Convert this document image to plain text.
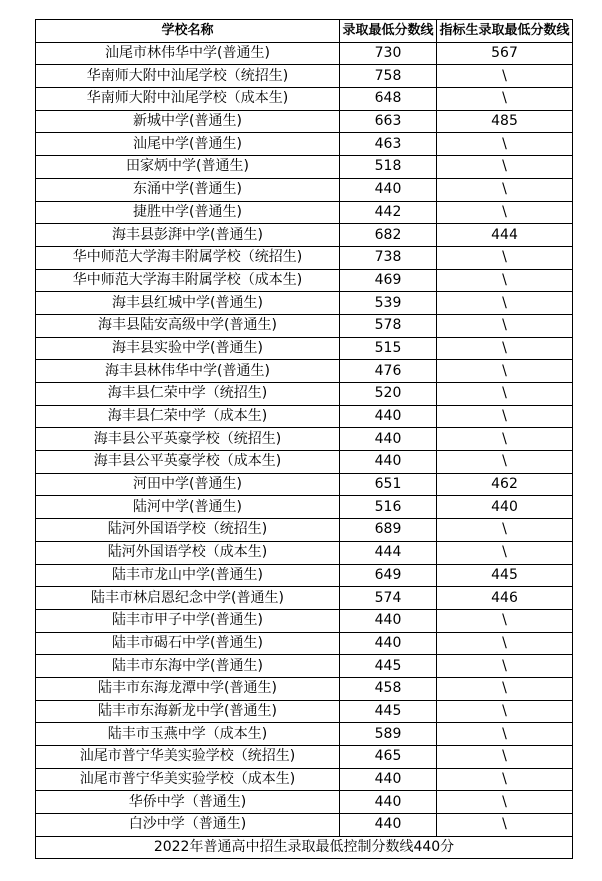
学校名称	录取最低分数线	指标生录取最低分数线
汕尾市林伟华中学(普通生)	730	567
华南师大附中汕尾学校（统招生)	758	\
华南师大附中汕尾学校（成本生)	648	\
新城中学(普通生)	663	485
汕尾中学(普通生)	463	\
田家炳中学(普通生)	518	\
东涌中学(普通生)	440	\
捷胜中学(普通生)	442	\
海丰县彭湃中学(普通生)	682	444
华中师范大学海丰附属学校（统招生)	738	\
华中师范大学海丰附属学校（成本生)	469	\
海丰县红城中学(普通生)	539	\
海丰县陆安高级中学(普通生)	578	\
海丰县实验中学(普通生)	515	\
海丰县林伟华中学(普通生)	476	\
海丰县仁荣中学（统招生)	520	\
海丰县仁荣中学（成本生)	440	\
海丰县公平英豪学校（统招生)	440	\
海丰县公平英豪学校（成本生)	440	\
河田中学(普通生)	651	462
陆河中学(普通生)	516	440
陆河外国语学校（统招生)	689	\
陆河外国语学校（成本生)	444	\
陆丰市龙山中学(普通生)	649	445
陆丰市林启恩纪念中学(普通生)	574	446
陆丰市甲子中学(普通生)	440	\
陆丰市碣石中学(普通生)	440	\
陆丰市东海中学(普通生)	445	\
陆丰市东海龙潭中学(普通生)	458	\
陆丰市东海新龙中学(普通生)	445	\
陆丰市玉燕中学（成本生)	589	\
汕尾市普宁华美实验学校（统招生)	465	\
汕尾市普宁华美实验学校（成本生)	440	\
华侨中学（普通生)	440	\
白沙中学（普通生)	440	\
2022年普通高中招生录取最低控制分数线440分		
